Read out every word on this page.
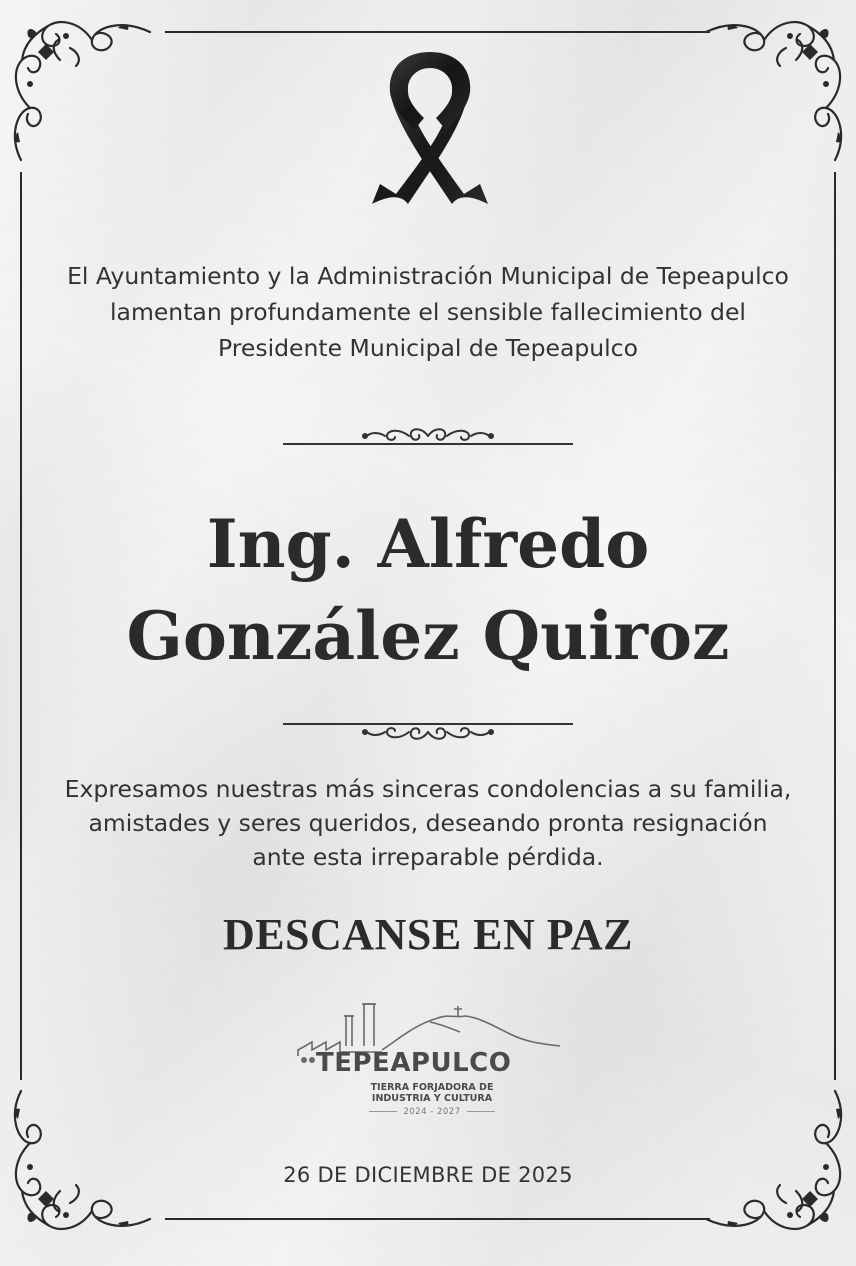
El Ayuntamiento y la Administración Municipal de Tepeapulco lamentan profundamente el sensible fallecimiento del Presidente Municipal de Tepeapulco
Ing. Alfredo
González Quiroz
Expresamos nuestras más sinceras condolencias a su familia, amistades y seres queridos, deseando pronta resignación ante esta irreparable pérdida.
DESCANSE EN PAZ
TEPEAPULCO
TIERRA FORJADORA DE
INDUSTRIA Y CULTURA
2024 - 2027
26 DE DICIEMBRE DE 2025
